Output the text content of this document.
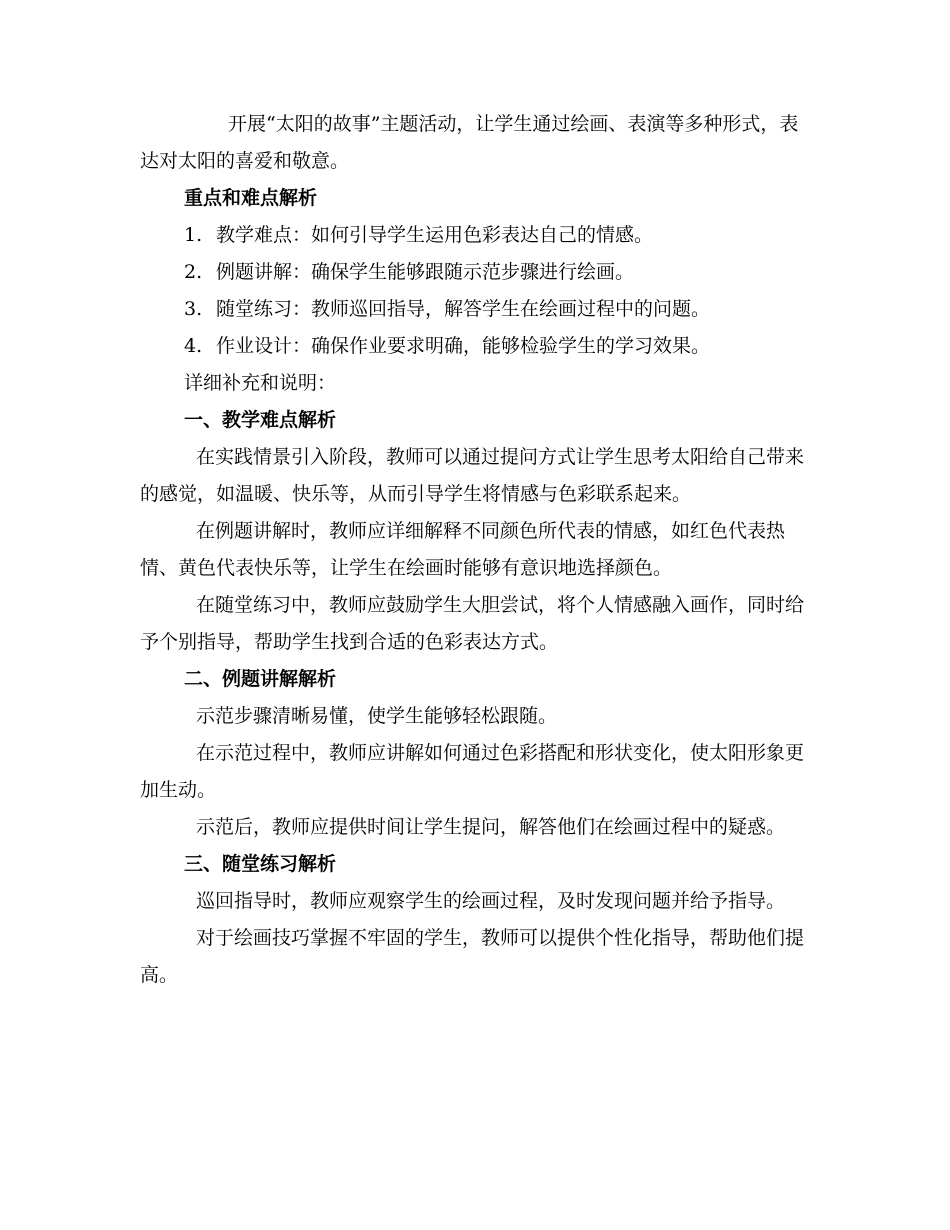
开展“太阳的故事”主题活动，让学生通过绘画、表演等多种形式，表达对太阳的喜爱和敬意。

重点和难点解析

1. 教学难点：如何引导学生运用色彩表达自己的情感。

2. 例题讲解：确保学生能够跟随示范步骤进行绘画。

3. 随堂练习：教师巡回指导，解答学生在绘画过程中的问题。

4. 作业设计：确保作业要求明确，能够检验学生的学习效果。

详细补充和说明：

一、教学难点解析

在实践情景引入阶段，教师可以通过提问方式让学生思考太阳给自己带来的感觉，如温暖、快乐等，从而引导学生将情感与色彩联系起来。

在例题讲解时，教师应详细解释不同颜色所代表的情感，如红色代表热情、黄色代表快乐等，让学生在绘画时能够有意识地选择颜色。

在随堂练习中，教师应鼓励学生大胆尝试，将个人情感融入画作，同时给予个别指导，帮助学生找到合适的色彩表达方式。

二、例题讲解解析

示范步骤清晰易懂，使学生能够轻松跟随。

在示范过程中，教师应讲解如何通过色彩搭配和形状变化，使太阳形象更加生动。

示范后，教师应提供时间让学生提问，解答他们在绘画过程中的疑惑。

三、随堂练习解析

巡回指导时，教师应观察学生的绘画过程，及时发现问题并给予指导。

对于绘画技巧掌握不牢固的学生，教师可以提供个性化指导，帮助他们提高。
